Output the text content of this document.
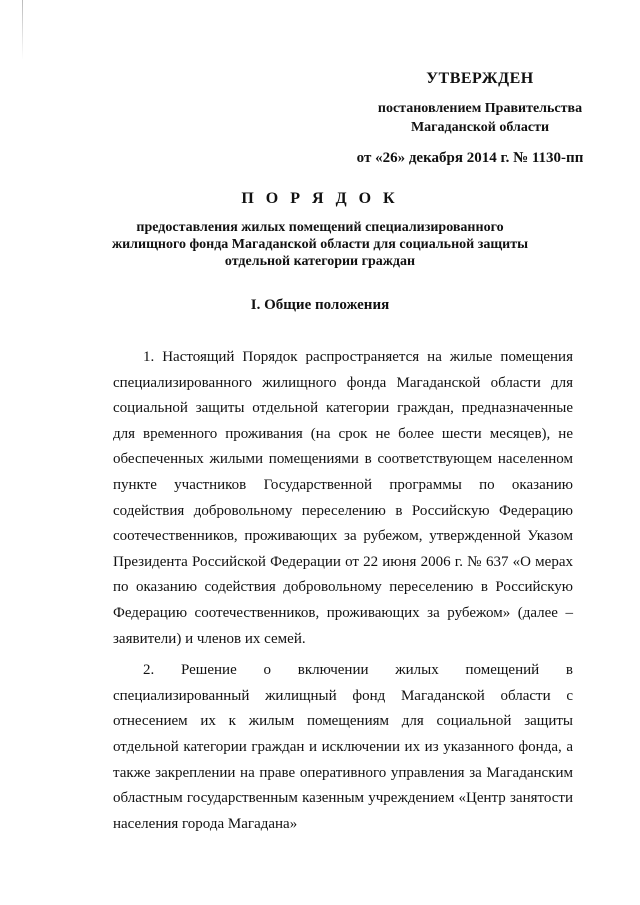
УТВЕРЖДЕН
постановлением Правительства
Магаданской области
от «26» декабря 2014 г. № 1130-пп
П О Р Я Д О К
предоставления жилых помещений специализированного жилищного фонда Магаданской области для социальной защиты отдельной категории граждан
I. Общие положения

1. Настоящий Порядок распространяется на жилые помещения специализированного жилищного фонда Магаданской области для социальной защиты отдельной категории граждан, предназначенные для временного проживания (на срок не более шести месяцев), не обеспеченных жилыми помещениями в соответствующем населенном пункте участников Государственной программы по оказанию содействия добровольному переселению в Российскую Федерацию соотечественников, проживающих за рубежом, утвержденной Указом Президента Российской Федерации от 22 июня 2006 г. № 637 «О мерах по оказанию содействия добровольному переселению в Российскую Федерацию соотечественников, проживающих за рубежом» (далее – заявители) и членов их семей.

2. Решение о включении жилых помещений в специализированный жилищный фонд Магаданской области с отнесением их к жилым помещениям для социальной защиты отдельной категории граждан и исключении их из указанного фонда, а также закреплении на праве оперативного управления за Магаданским областным государственным казенным учреждением «Центр занятости населения города Магадана»
